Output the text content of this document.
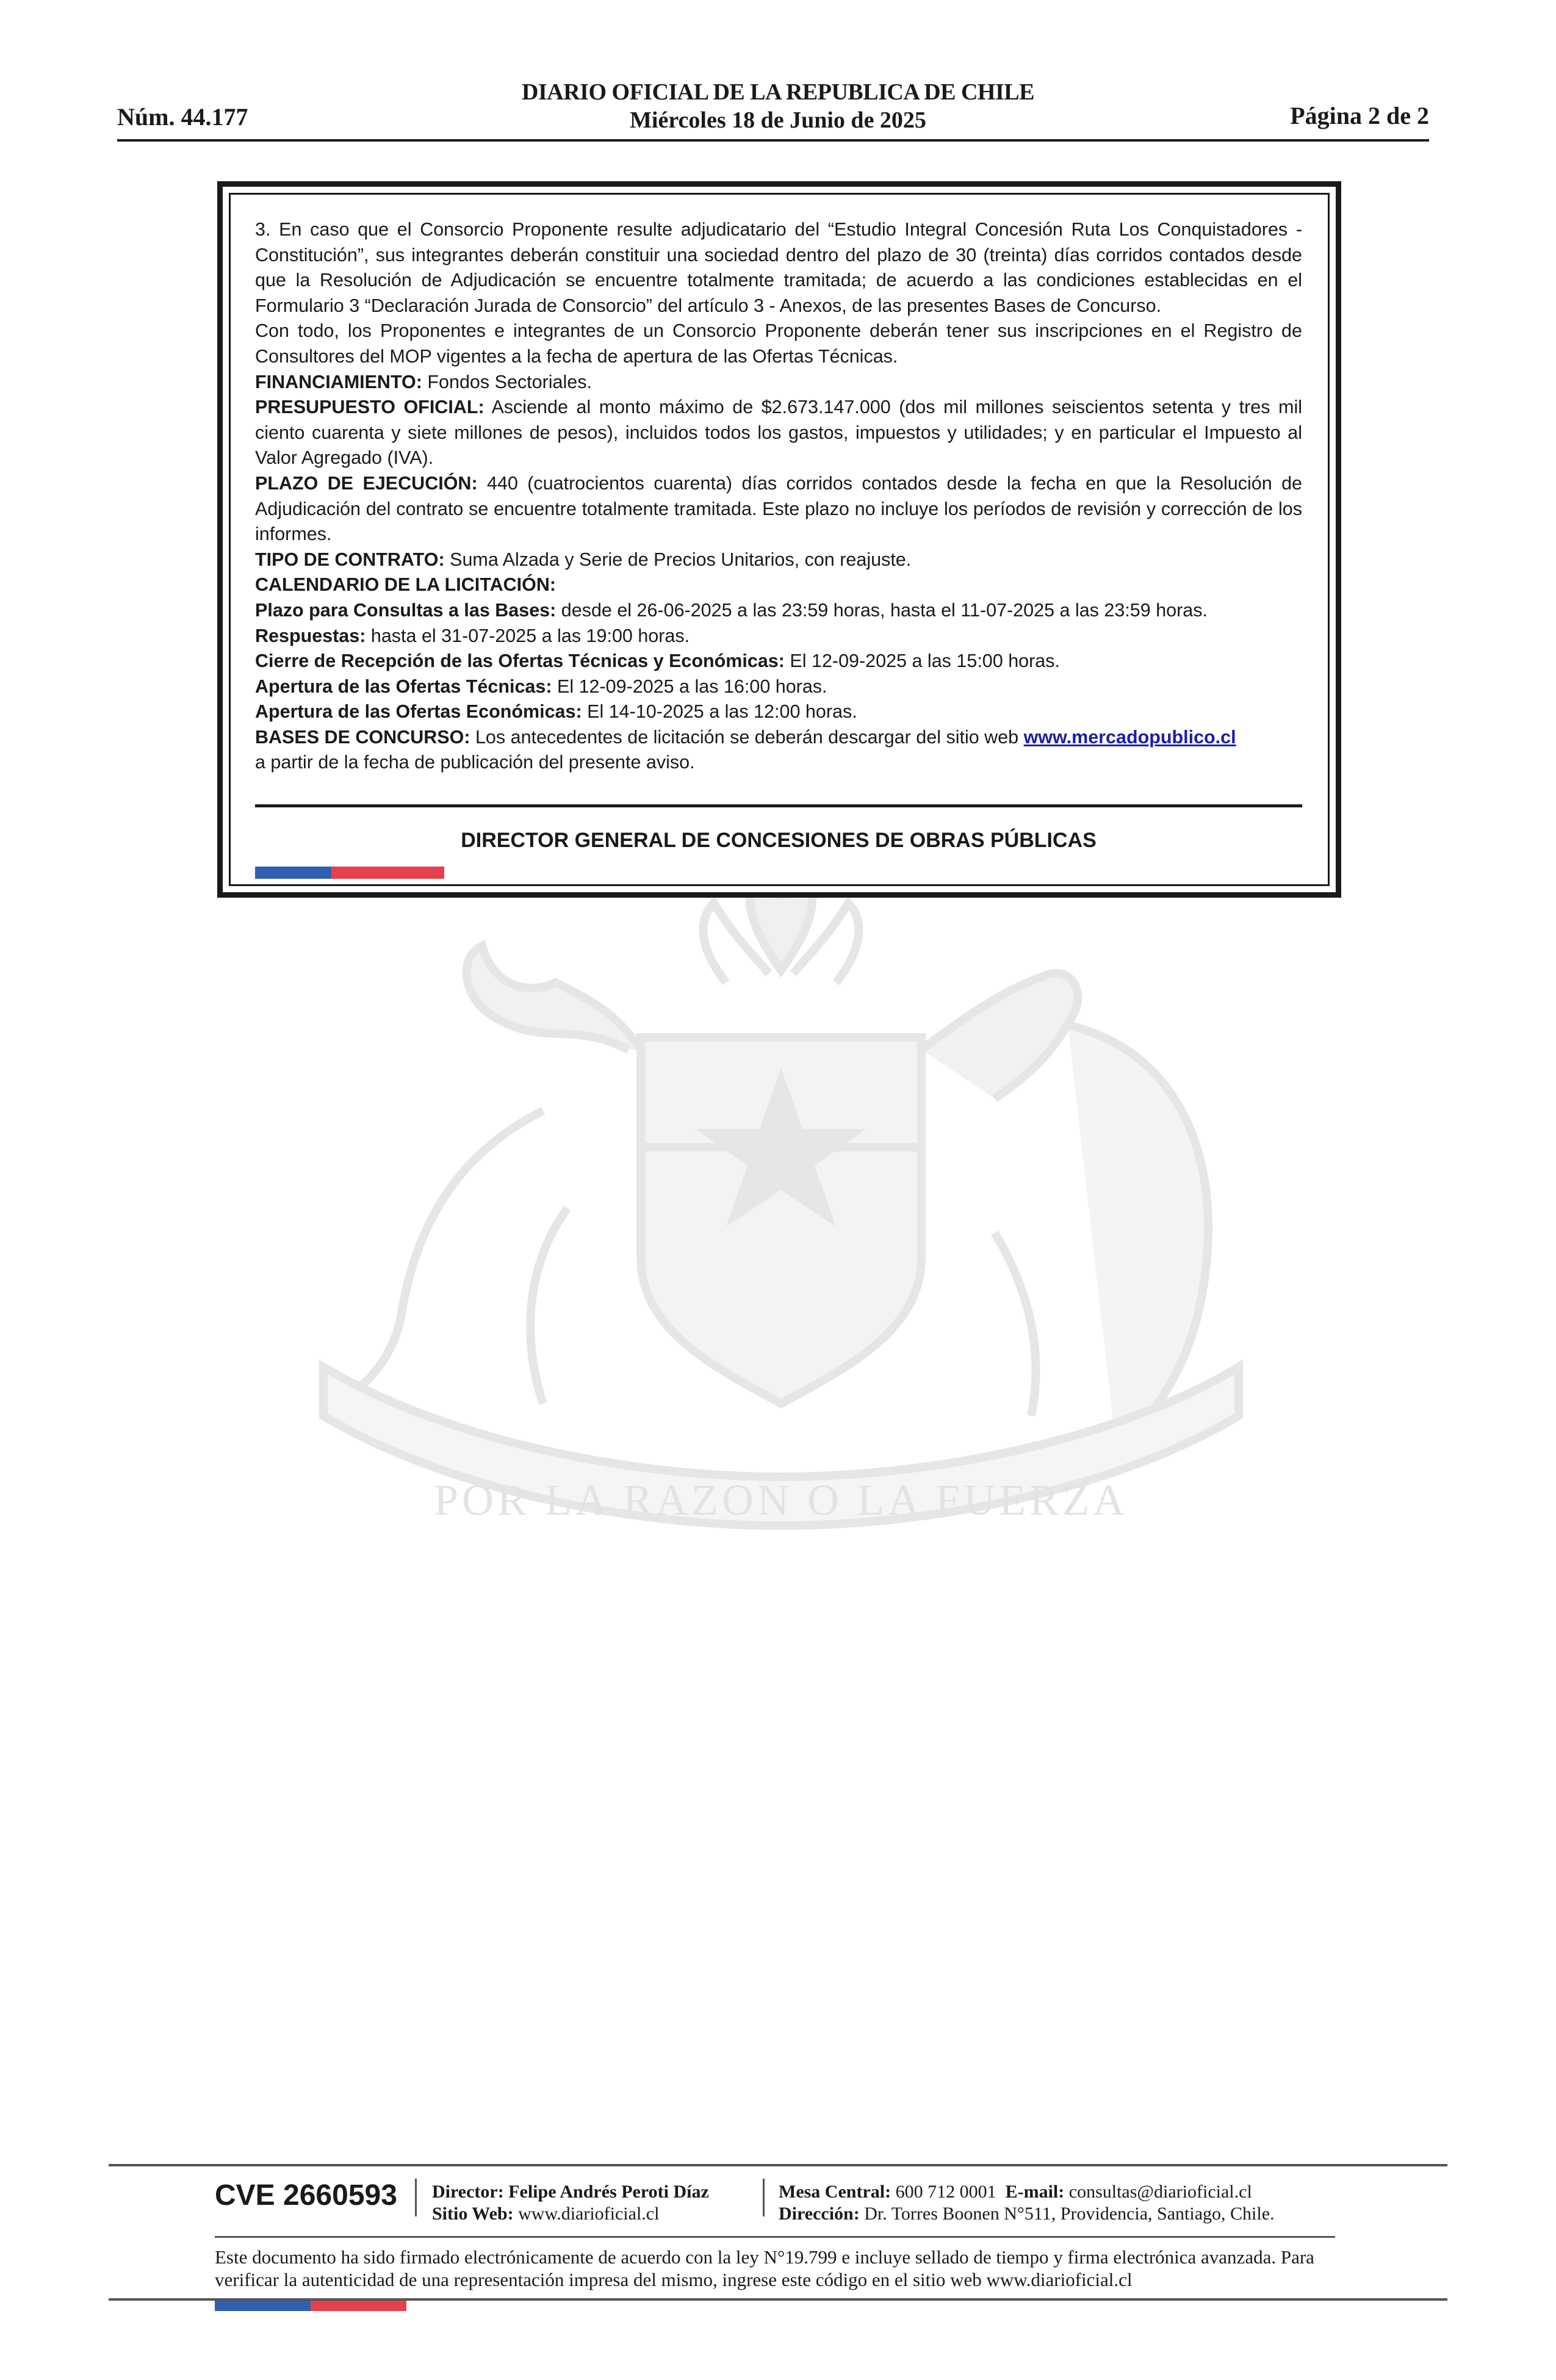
Núm. 44.177
DIARIO OFICIAL DE LA REPUBLICA DE CHILE
Miércoles 18 de Junio de 2025	Página 2 de 2
POR LA RAZON O LA FUERZA

3. En caso que el Consorcio Proponente resulte adjudicatario del “Estudio Integral Concesión Ruta Los Conquistadores - Constitución”, sus integrantes deberán constituir una sociedad dentro del plazo de 30 (treinta) días corridos contados desde que la Resolución de Adjudicación se encuentre totalmente tramitada; de acuerdo a las condiciones establecidas en el Formulario 3 “Declaración Jurada de Consorcio” del artículo 3 - Anexos, de las presentes Bases de Concurso.

Con todo, los Proponentes e integrantes de un Consorcio Proponente deberán tener sus inscripciones en el Registro de Consultores del MOP vigentes a la fecha de apertura de las Ofertas Técnicas.

FINANCIAMIENTO: Fondos Sectoriales.

PRESUPUESTO OFICIAL: Asciende al monto máximo de $2.673.147.000 (dos mil millones seiscientos setenta y tres mil ciento cuarenta y siete millones de pesos), incluidos todos los gastos, impuestos y utilidades; y en particular el Impuesto al Valor Agregado (IVA).

PLAZO DE EJECUCIÓN: 440 (cuatrocientos cuarenta) días corridos contados desde la fecha en que la Resolución de Adjudicación del contrato se encuentre totalmente tramitada. Este plazo no incluye los períodos de revisión y corrección de los informes.

TIPO DE CONTRATO: Suma Alzada y Serie de Precios Unitarios, con reajuste.

CALENDARIO DE LA LICITACIÓN:

Plazo para Consultas a las Bases: desde el 26-06-2025 a las 23:59 horas, hasta el 11-07-2025 a las 23:59 horas.

Respuestas: hasta el 31-07-2025 a las 19:00 horas.

Cierre de Recepción de las Ofertas Técnicas y Económicas: El 12-09-2025 a las 15:00 horas.

Apertura de las Ofertas Técnicas: El 12-09-2025 a las 16:00 horas.

Apertura de las Ofertas Económicas: El 14-10-2025 a las 12:00 horas.

BASES DE CONCURSO: Los antecedentes de licitación se deberán descargar del sitio web www.mercadopublico.cl

a partir de la fecha de publicación del presente aviso.

DIRECTOR GENERAL DE CONCESIONES DE OBRAS PÚBLICAS
CVE 2660593 Director: Felipe Andrés Peroti Díaz
Sitio Web: www.diarioficial.cl
Mesa Central: 600 712 0001 E-mail: consultas@diarioficial.cl
Dirección: Dr. Torres Boonen N°511, Providencia, Santiago, Chile.
Este documento ha sido firmado electrónicamente de acuerdo con la ley N°19.799 e incluye sellado de tiempo y firma electrónica avanzada. Para verificar la autenticidad de una representación impresa del mismo, ingrese este código en el sitio web www.diarioficial.cl
